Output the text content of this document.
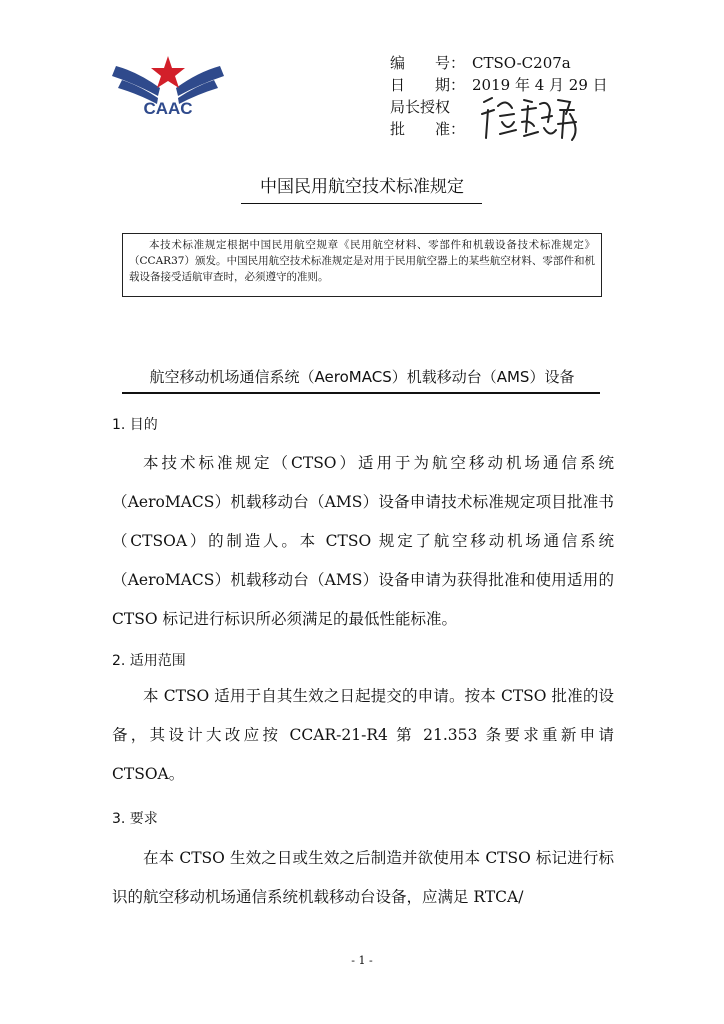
CAAC
编　　号： CTSO-C207a
日　　期： 2019 年 4 月 29 日
局长授权
批　　准：
中国民用航空技术标准规定
本技术标准规定根据中国民用航空规章《民用航空材料、零部件和机载设备技术标准规定》（CCAR37）颁发。中国民用航空技术标准规定是对用于民用航空器上的某些航空材料、零部件和机载设备接受适航审查时，必须遵守的准则。
航空移动机场通信系统（AeroMACS）机载移动台（AMS）设备
1. 目的
本技术标准规定（CTSO）适用于为航空移动机场通信系统（AeroMACS）机载移动台（AMS）设备申请技术标准规定项目批准书（CTSOA）的制造人。本 CTSO 规定了航空移动机场通信系统（AeroMACS）机载移动台（AMS）设备申请为获得批准和使用适用的 CTSO 标记进行标识所必须满足的最低性能标准。
2. 适用范围
本 CTSO 适用于自其生效之日起提交的申请。按本 CTSO 批准的设备，其设计大改应按 CCAR-21-R4 第 21.353 条要求重新申请 CTSOA。
3. 要求
在本 CTSO 生效之日或生效之后制造并欲使用本 CTSO 标记进行标识的航空移动机场通信系统机载移动台设备，应满足 RTCA/
- 1 -
